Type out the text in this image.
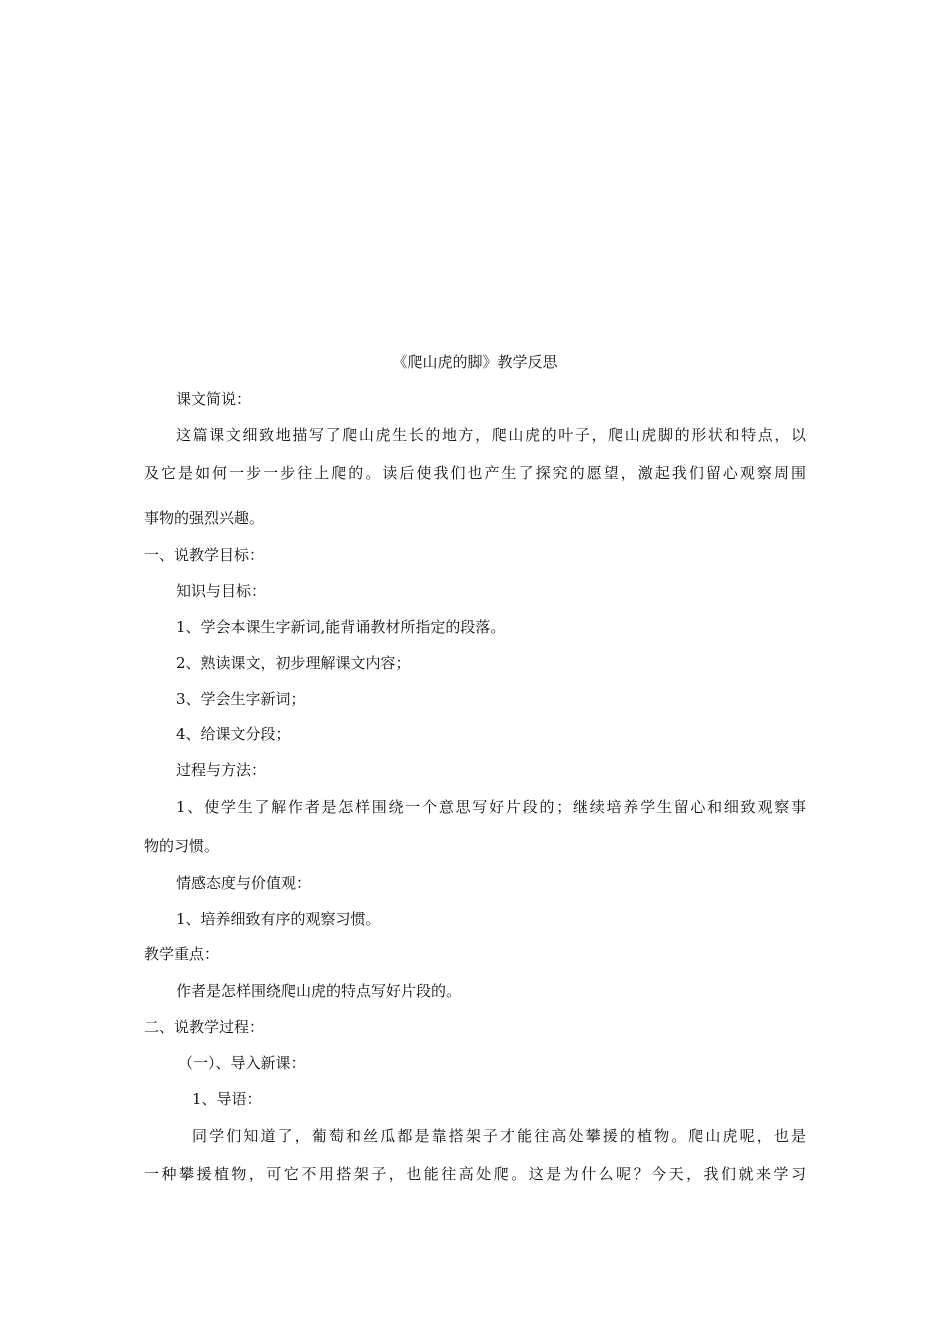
《爬山虎的脚》教学反思
课文简说：
这篇课文细致地描写了爬山虎生长的地方，爬山虎的叶子，爬山虎脚的形状和特点，以
及它是如何一步一步往上爬的。读后使我们也产生了探究的愿望，激起我们留心观察周围
事物的强烈兴趣。
一、说教学目标：
知识与目标：
1、学会本课生字新词,能背诵教材所指定的段落。
2、熟读课文，初步理解课文内容；
3、学会生字新词；
4、给课文分段；
过程与方法：
1、使学生了解作者是怎样围绕一个意思写好片段的；继续培养学生留心和细致观察事
物的习惯。
情感态度与价值观：
1、培养细致有序的观察习惯。
教学重点：
作者是怎样围绕爬山虎的特点写好片段的。
二、说教学过程：
（一）、导入新课：
1、导语：
同学们知道了，葡萄和丝瓜都是靠搭架子才能往高处攀援的植物。爬山虎呢，也是
一种攀援植物，可它不用搭架子，也能往高处爬。这是为什么呢？今天，我们就来学习
